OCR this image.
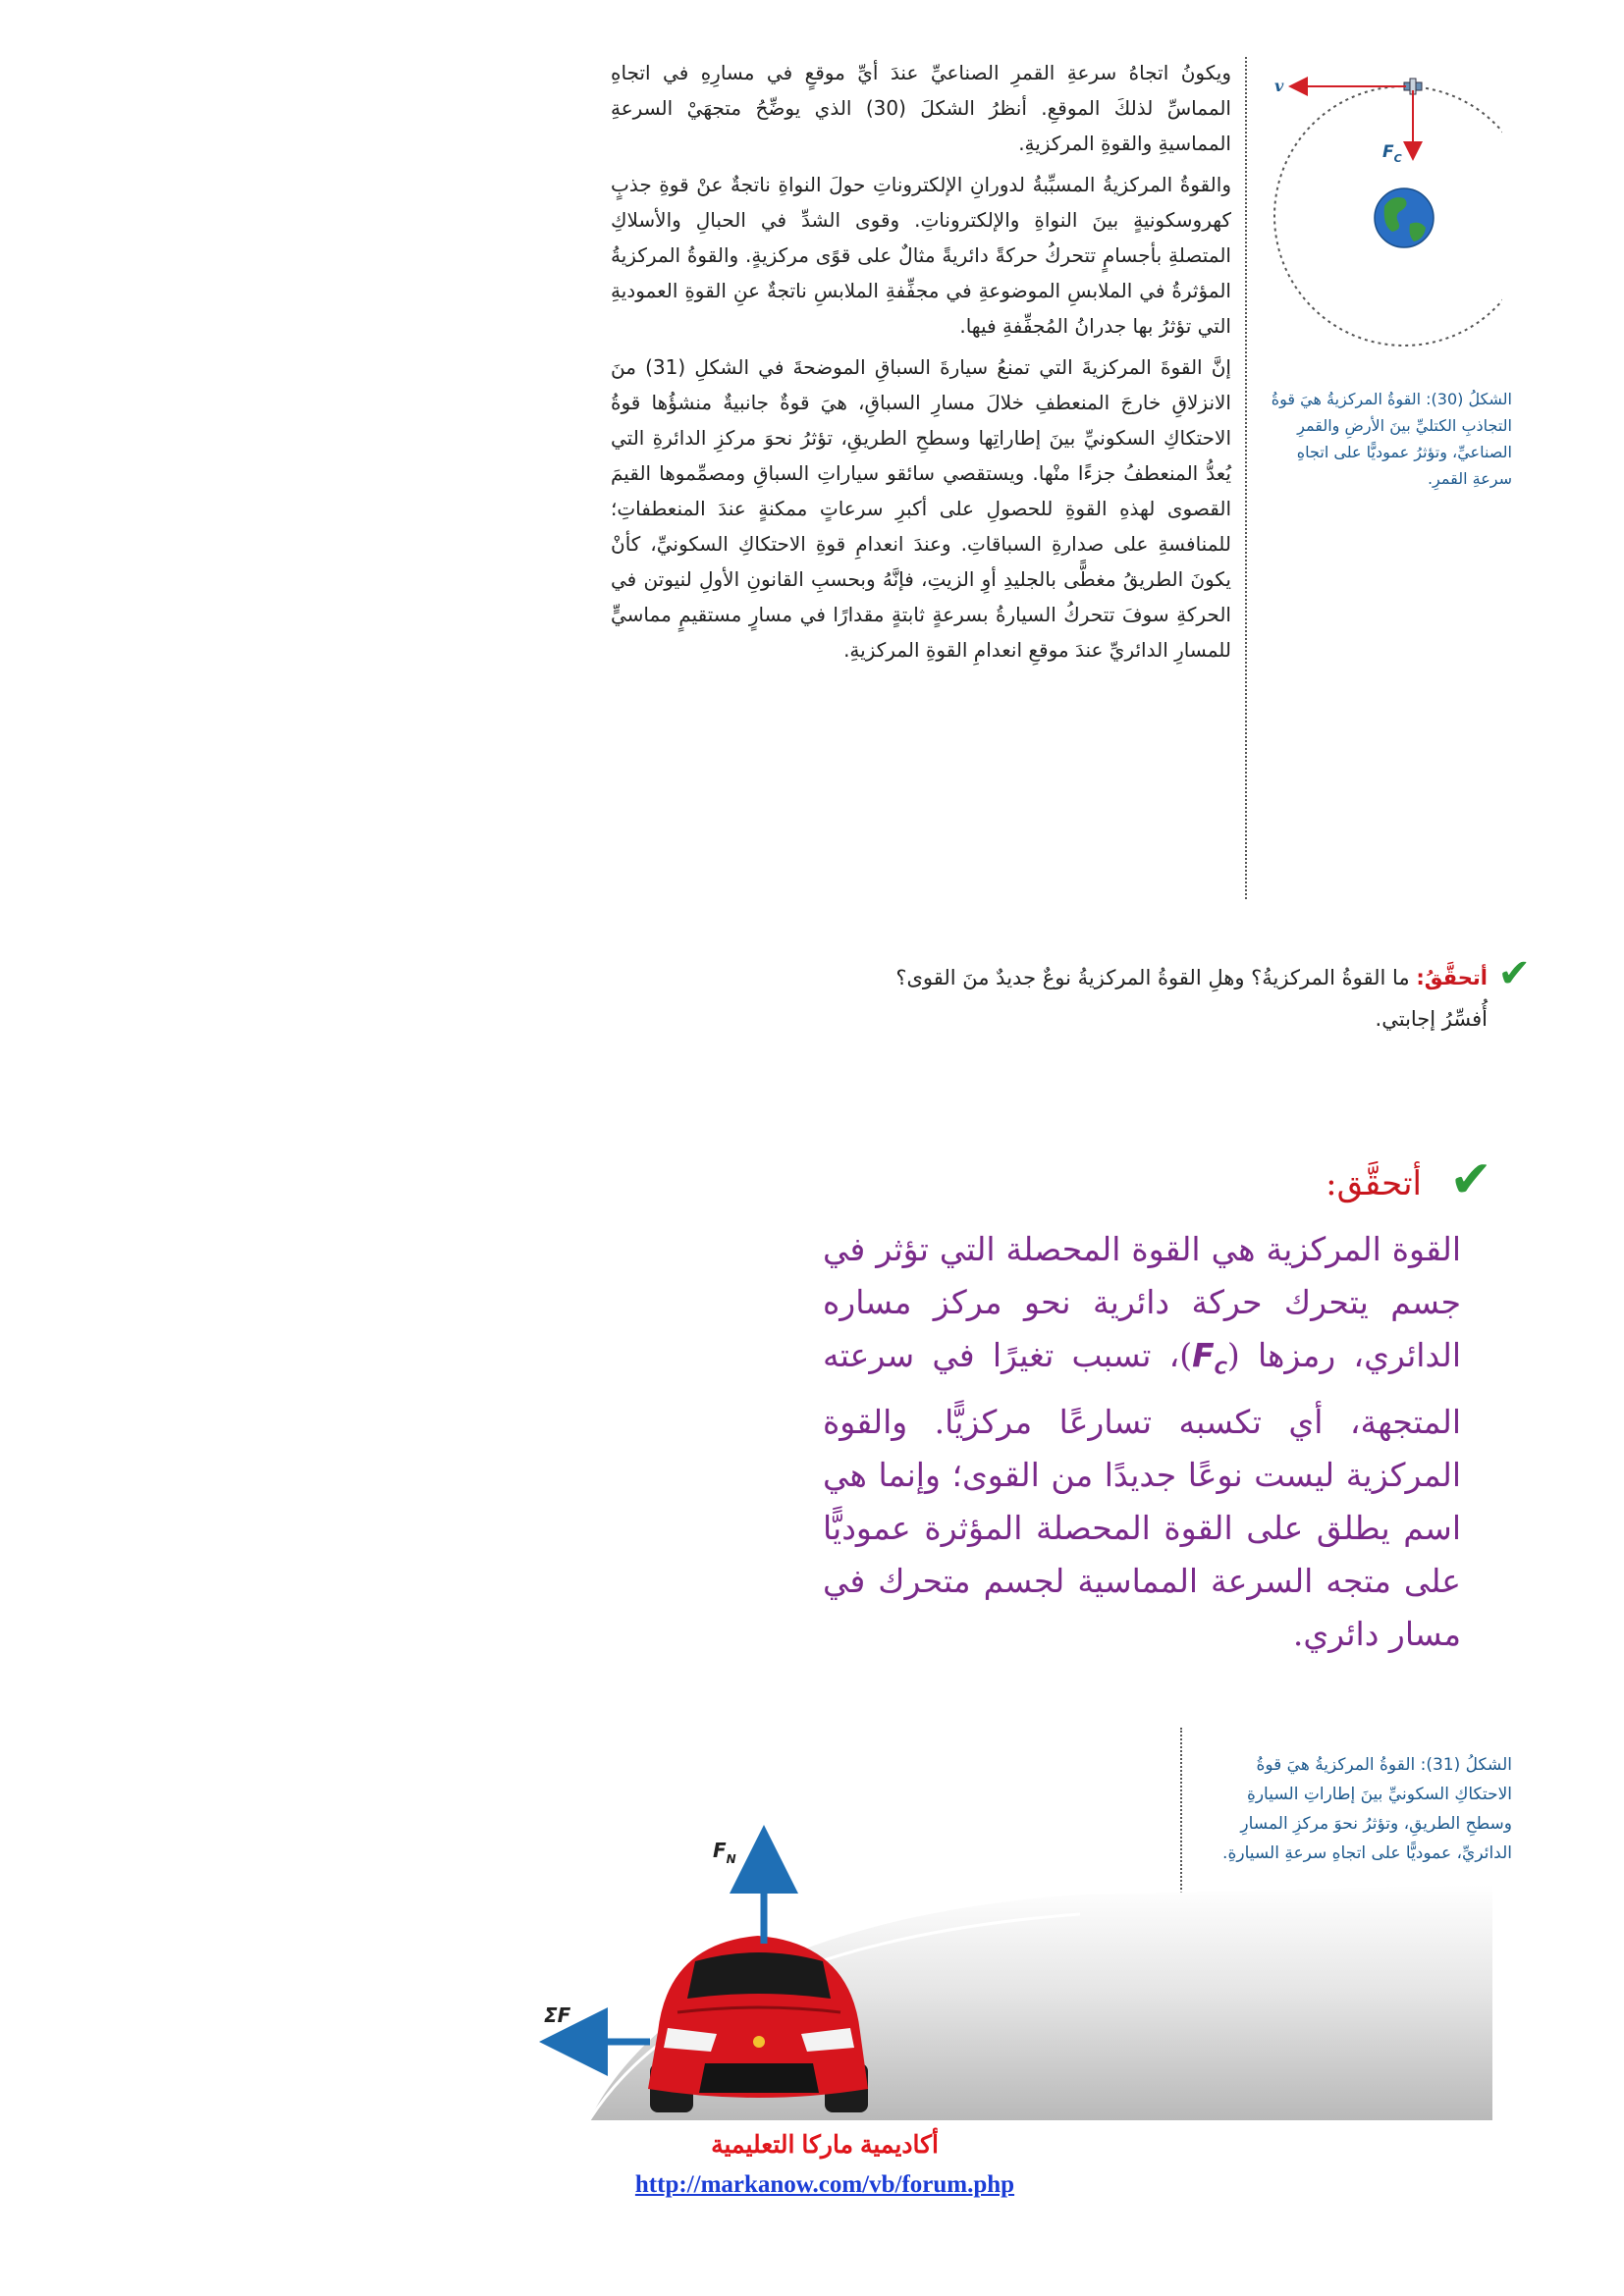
ويكونُ اتجاهُ سرعةِ القمرِ الصناعيِّ عندَ أيِّ موقعٍ في مسارِهِ في اتجاهِ المماسِّ لذلكَ الموقعِ. أنظرُ الشكلَ (30) الذي يوضِّحُ متجهَيْ السرعةِ المماسيةِ والقوةِ المركزيةِ.

والقوةُ المركزيةُ المسبِّبةُ لدورانِ الإلكتروناتِ حولَ النواةِ ناتجةٌ عنْ قوةِ جذبٍ كهروسكونيةٍ بينَ النواةِ والإلكتروناتِ. وقوى الشدِّ في الحبالِ والأسلاكِ المتصلةِ بأجسامٍ تتحركُ حركةً دائريةً مثالٌ على قوًى مركزيةٍ. والقوةُ المركزيةُ المؤثرةُ في الملابسِ الموضوعةِ في مجفِّفةِ الملابسِ ناتجةٌ عنِ القوةِ العموديةِ التي تؤثرُ بها جدرانُ المُجفِّفةِ فيها.

إنَّ القوةَ المركزيةَ التي تمنعُ سيارةَ السباقِ الموضحةَ في الشكلِ (31) منَ الانزلاقِ خارجَ المنعطفِ خلالَ مسارِ السباقِ، هيَ قوةٌ جانبيةٌ منشؤُها قوةُ الاحتكاكِ السكونيِّ بينَ إطاراتِها وسطحِ الطريقِ، تؤثرُ نحوَ مركزِ الدائرةِ التي يُعدُّ المنعطفُ جزءًا منْها. ويستقصي سائقو سياراتِ السباقِ ومصمِّموها القيمَ القصوى لهذهِ القوةِ للحصولِ على أكبرِ سرعاتٍ ممكنةٍ عندَ المنعطفاتِ؛ للمنافسةِ على صدارةِ السباقاتِ. وعندَ انعدامِ قوةِ الاحتكاكِ السكونيِّ، كأنْ يكونَ الطريقُ مغطًّى بالجليدِ أوِ الزيتِ، فإنَّهُ وبحسبِ القانونِ الأولِ لنيوتن في الحركةِ سوفَ تتحركُ السيارةُ بسرعةٍ ثابتةٍ مقدارًا في مسارٍ مستقيمٍ مماسيٍّ للمسارِ الدائريِّ عندَ موقعِ انعدامِ القوةِ المركزيةِ.

v
$F_C$
الشكلُ (30): القوةُ المركزيةُ هيَ قوةُ التجاذبِ الكتليِّ بينَ الأرضِ والقمرِ الصناعيِّ، وتؤثرُ عموديًّا على اتجاهِ سرعةِ القمرِ.
✔
أتحقَّقُ: ما القوةُ المركزيةُ؟ وهلِ القوةُ المركزيةُ نوعٌ جديدٌ منَ القوى؟ أُفسِّرُ إجابتي.
✔
أتحقَّق:
القوة المركزية هي القوة المحصلة التي تؤثر في جسم يتحرك حركة دائرية نحو مركز مساره الدائري، رمزها $(F_C)،$ تسبب تغيرًا في سرعته المتجهة، أي تكسبه تسارعًا مركزيًّا. والقوة المركزية ليست نوعًا جديدًا من القوى؛ وإنما هي اسم يطلق على القوة المحصلة المؤثرة عموديًّا على متجه السرعة المماسية لجسم متحرك في مسار دائري.
الشكلُ (31): القوةُ المركزيةُ هيَ قوةُ الاحتكاكِ السكونيِّ بينَ إطاراتِ السيارةِ وسطحِ الطريقِ، وتؤثرُ نحوَ مركزِ المسارِ الدائريِّ، عموديًّا على اتجاهِ سرعةِ السيارةِ.
$F_N$
ΣF
أكاديمية ماركا التعليمية
http://markanow.com/vb/forum.php
